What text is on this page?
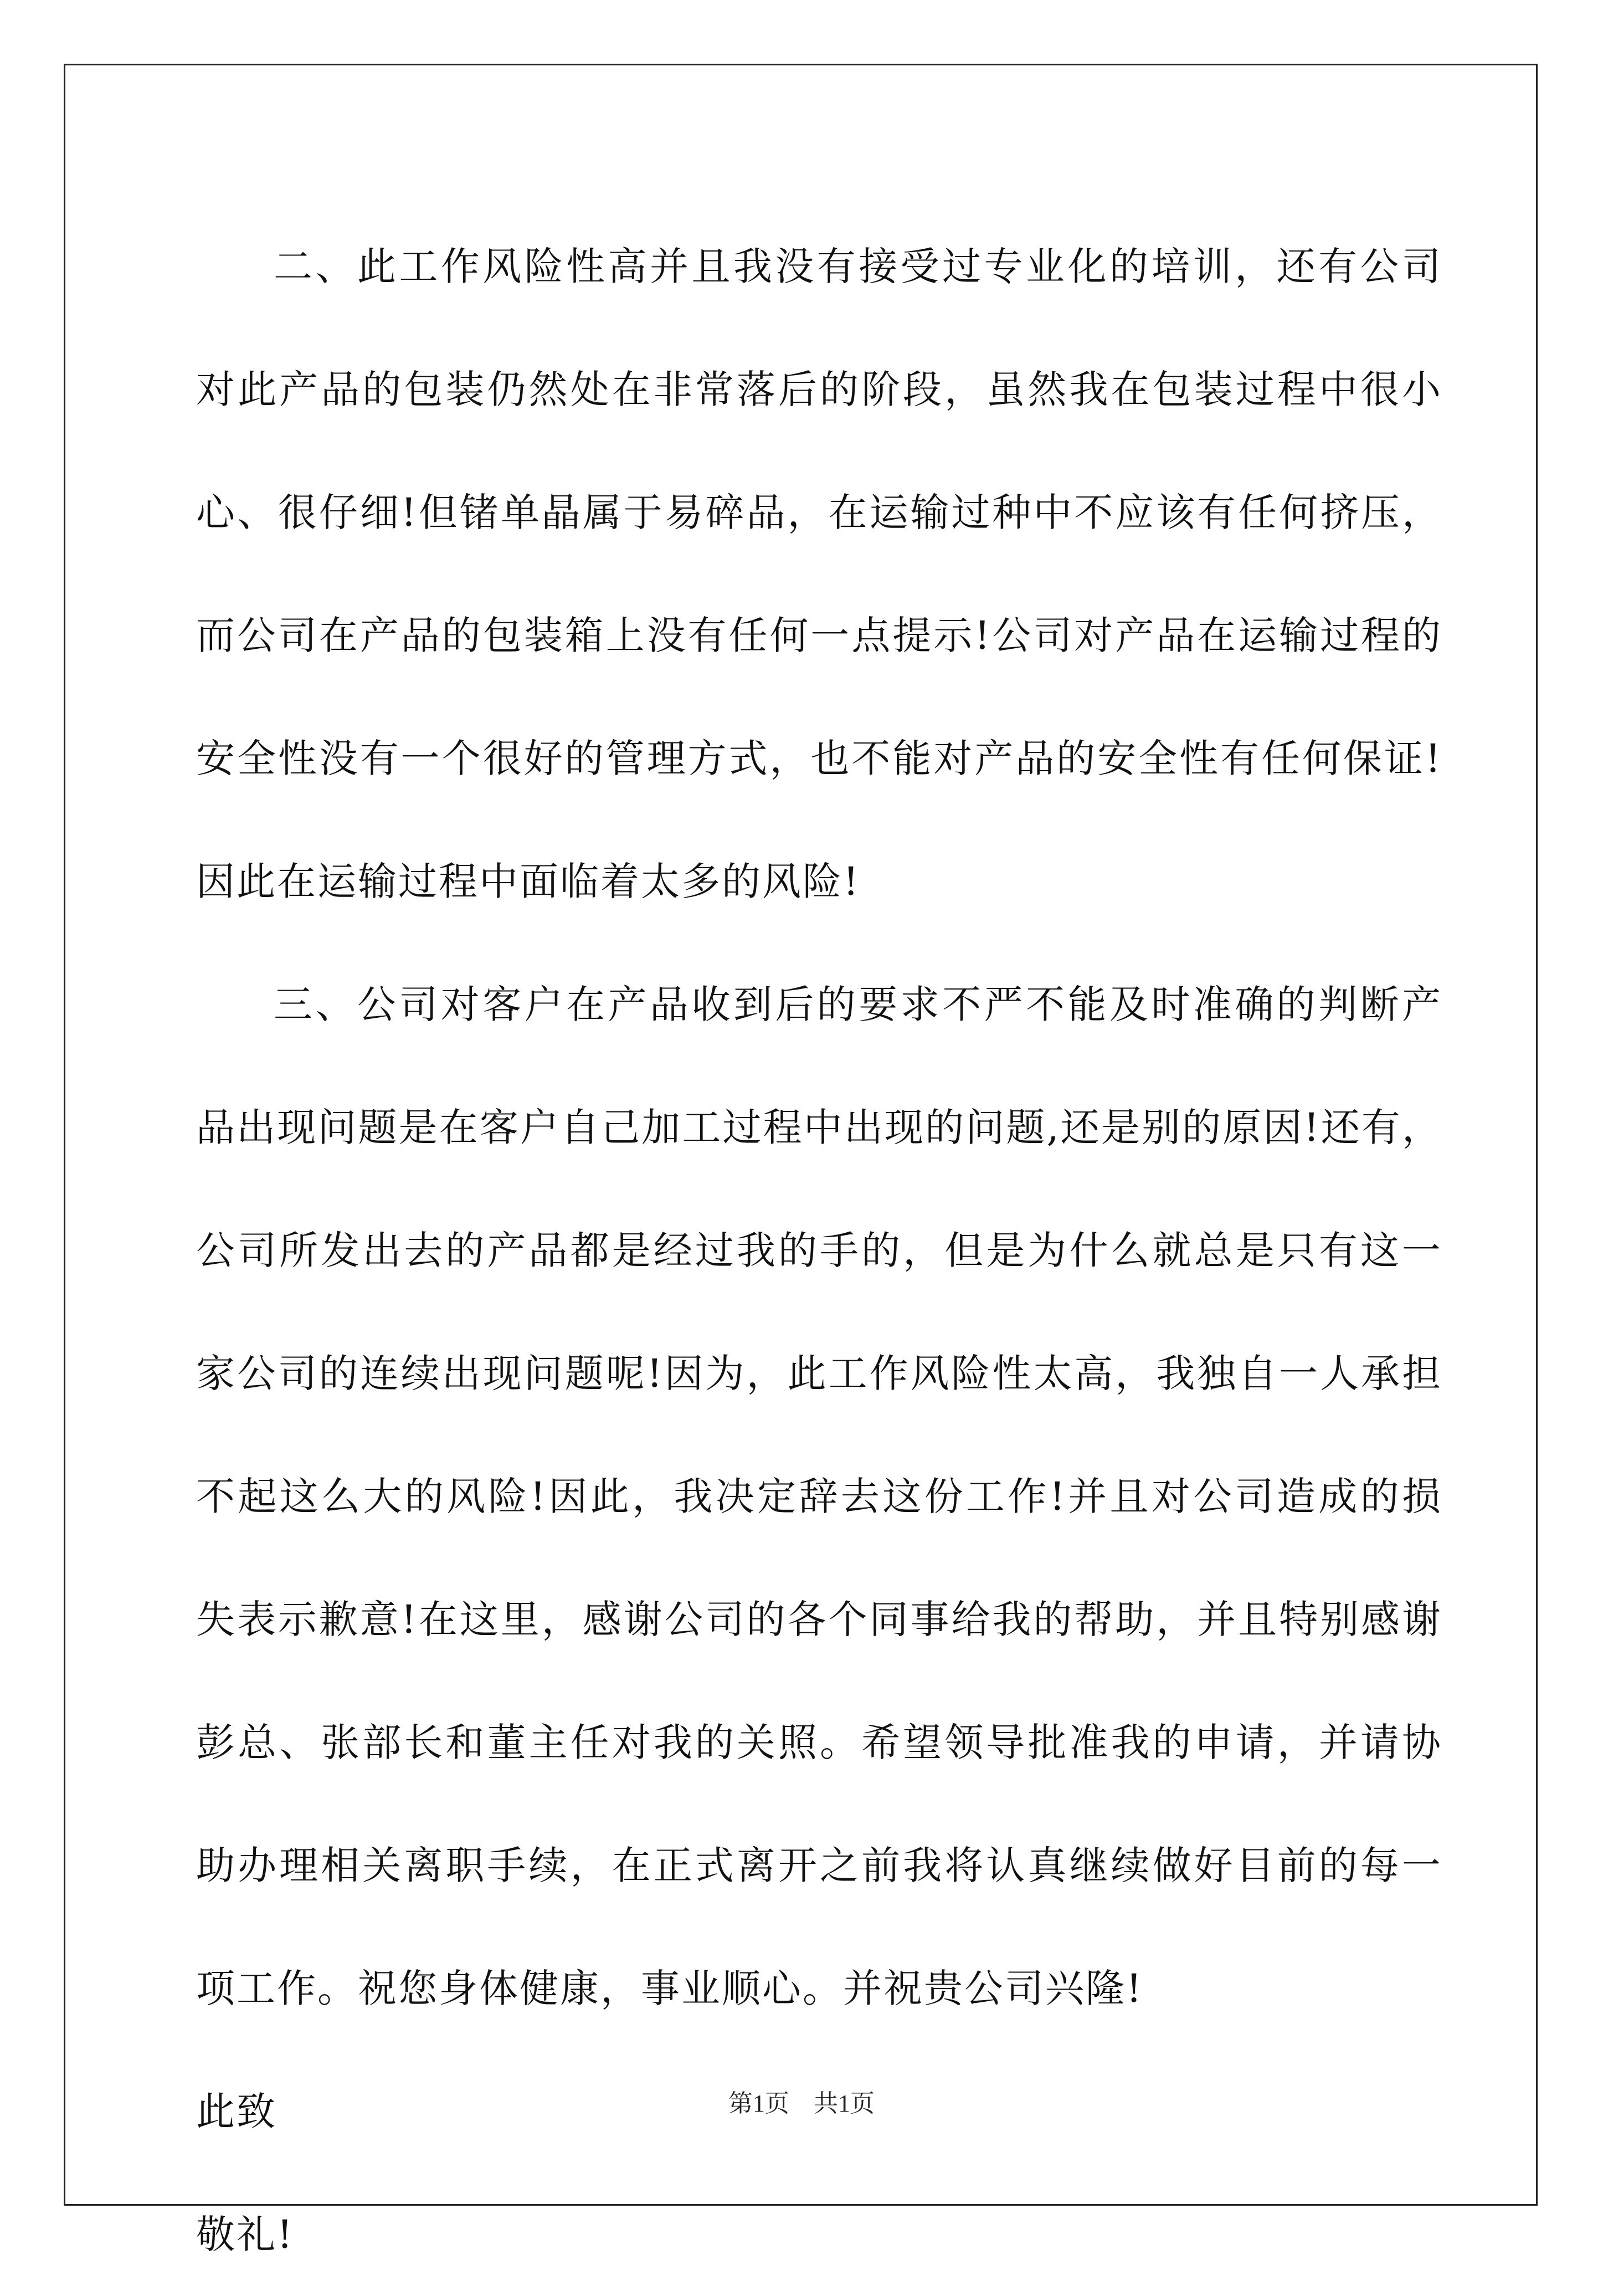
二、此工作风险性高并且我没有接受过专业化的培训，还有公司对此产品的包装仍然处在非常落后的阶段，虽然我在包装过程中很小心、很仔细!但锗单晶属于易碎品，在运输过种中不应该有任何挤压，而公司在产品的包装箱上没有任何一点提示!公司对产品在运输过程的安全性没有一个很好的管理方式，也不能对产品的安全性有任何保证!因此在运输过程中面临着太多的风险!

三、公司对客户在产品收到后的要求不严不能及时准确的判断产品出现问题是在客户自己加工过程中出现的问题,还是别的原因!还有，公司所发出去的产品都是经过我的手的，但是为什么就总是只有这一家公司的连续出现问题呢!因为，此工作风险性太高，我独自一人承担不起这么大的风险!因此，我决定辞去这份工作!并且对公司造成的损失表示歉意!在这里，感谢公司的各个同事给我的帮助，并且特别感谢彭总、张部长和董主任对我的关照。希望领导批准我的申请，并请协助办理相关离职手续，在正式离开之前我将认真继续做好目前的每一项工作。祝您身体健康，事业顺心。并祝贵公司兴隆!

此致

敬礼!

第1页　共1页
